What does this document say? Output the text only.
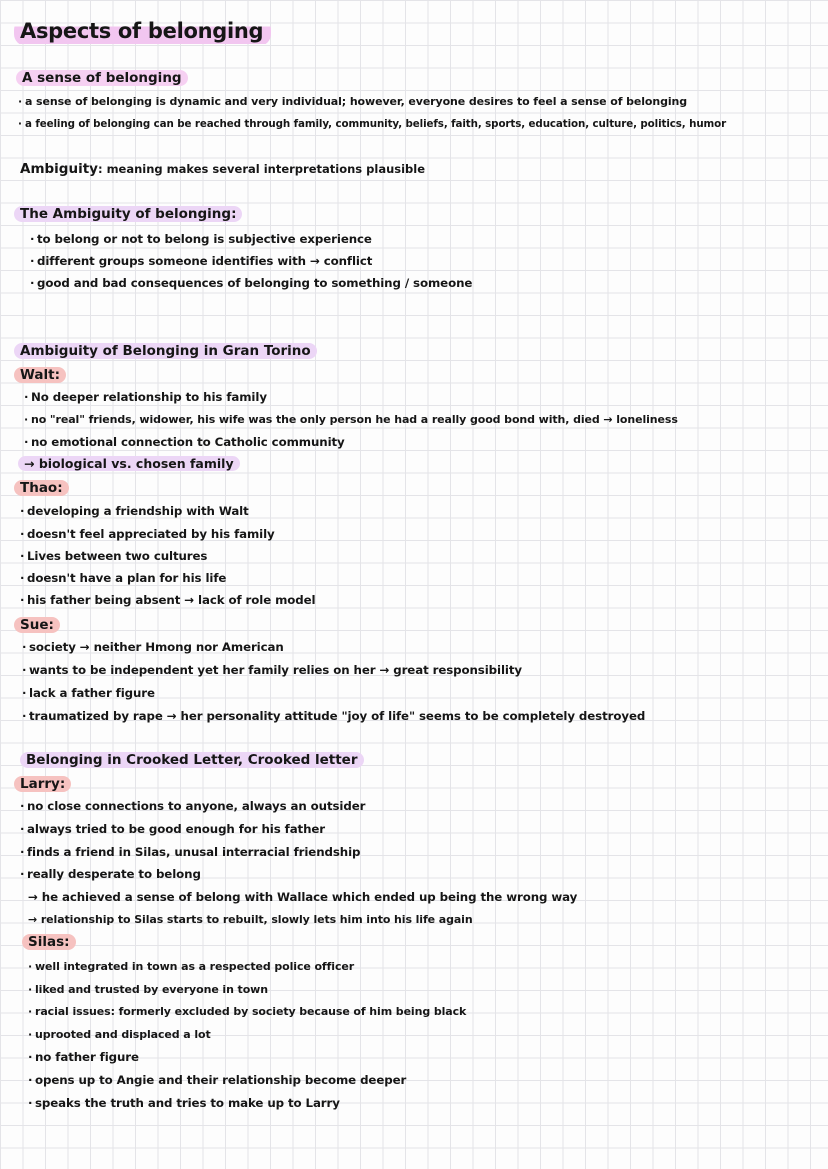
Aspects of belonging
A sense of belonging
· a sense of belonging is dynamic and very individual; however, everyone desires to feel a sense of belonging
· a feeling of belonging can be reached through family, community, beliefs, faith, sports, education, culture, politics, humor
Ambiguity: meaning makes several interpretations plausible
The Ambiguity of belonging:
· to belong or not to belong is subjective experience
· different groups someone identifies with → conflict
· good and bad consequences of belonging to something / someone
Ambiguity of Belonging in Gran Torino
Walt:
· No deeper relationship to his family
· no "real" friends, widower, his wife was the only person he had a really good bond with, died → loneliness
· no emotional connection to Catholic community
→ biological vs. chosen family
Thao:
· developing a friendship with Walt
· doesn't feel appreciated by his family
· Lives between two cultures
· doesn't have a plan for his life
· his father being absent → lack of role model
Sue:
· society → neither Hmong nor American
· wants to be independent yet her family relies on her → great responsibility
· lack a father figure
· traumatized by rape → her personality attitude "joy of life" seems to be completely destroyed
Belonging in Crooked Letter, Crooked letter
Larry:
· no close connections to anyone, always an outsider
· always tried to be good enough for his father
· finds a friend in Silas, unusal interracial friendship
· really desperate to belong
→ he achieved a sense of belong with Wallace which ended up being the wrong way
→ relationship to Silas starts to rebuilt, slowly lets him into his life again
Silas:
· well integrated in town as a respected police officer
· liked and trusted by everyone in town
· racial issues: formerly excluded by society because of him being black
· uprooted and displaced a lot
· no father figure
· opens up to Angie and their relationship become deeper
· speaks the truth and tries to make up to Larry
